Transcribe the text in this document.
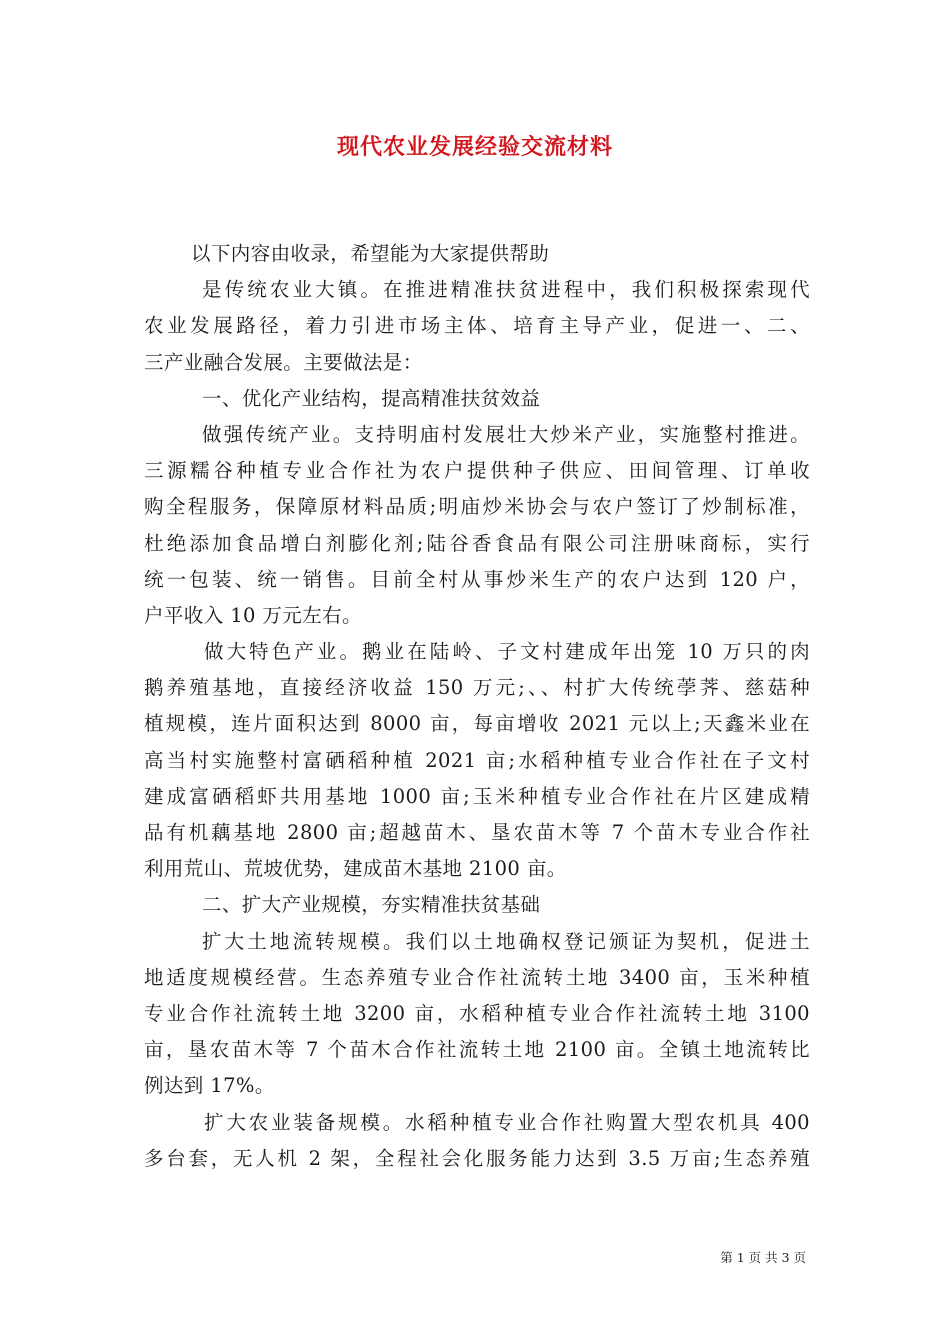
现代农业发展经验交流材料
以下内容由收录，希望能为大家提供帮助
是传统农业大镇。在推进精准扶贫进程中，我们积极探索现代
农业发展路径，着力引进市场主体、培育主导产业，促进一、二、
三产业融合发展。主要做法是：
一、优化产业结构，提高精准扶贫效益
做强传统产业。支持明庙村发展壮大炒米产业，实施整村推进。
三源糯谷种植专业合作社为农户提供种子供应、田间管理、订单收
购全程服务，保障原材料品质;明庙炒米协会与农户签订了炒制标准，
杜绝添加食品增白剂膨化剂;陆谷香食品有限公司注册味商标，实行
统一包装、统一销售。目前全村从事炒米生产的农户达到 120 户，
户平收入 10 万元左右。
做大特色产业。鹅业在陆岭、子文村建成年出笼 10 万只的肉
鹅养殖基地，直接经济收益 150 万元;、、村扩大传统荸荠、慈菇种
植规模，连片面积达到 8000 亩，每亩增收 2021 元以上;天鑫米业在
高当村实施整村富硒稻种植 2021 亩;水稻种植专业合作社在子文村
建成富硒稻虾共用基地 1000 亩;玉米种植专业合作社在片区建成精
品有机藕基地 2800 亩;超越苗木、垦农苗木等 7 个苗木专业合作社
利用荒山、荒坡优势，建成苗木基地 2100 亩。
二、扩大产业规模，夯实精准扶贫基础
扩大土地流转规模。我们以土地确权登记颁证为契机，促进土
地适度规模经营。生态养殖专业合作社流转土地 3400 亩，玉米种植
专业合作社流转土地 3200 亩，水稻种植专业合作社流转土地 3100
亩，垦农苗木等 7 个苗木合作社流转土地 2100 亩。全镇土地流转比
例达到 17%。
扩大农业装备规模。水稻种植专业合作社购置大型农机具 400
多台套，无人机 2 架，全程社会化服务能力达到 3.5 万亩;生态养殖
第 1 页 共 3 页
